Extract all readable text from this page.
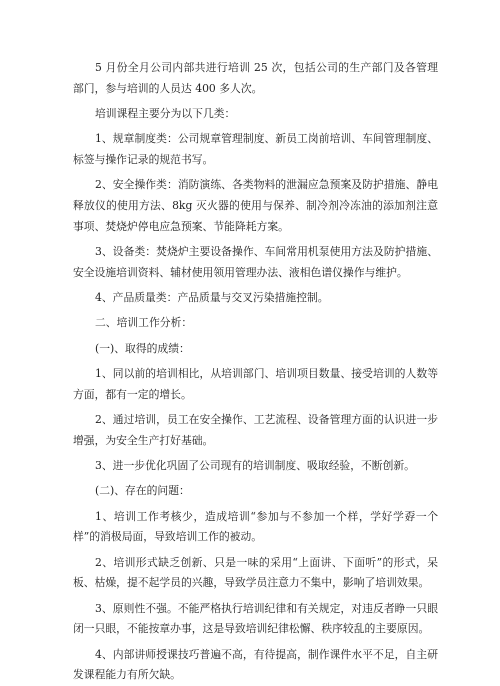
5 月份全月公司内部共进行培训 25 次，包括公司的生产部门及各管理部门，参与培训的人员达 400 多人次。

培训课程主要分为以下几类：

1、规章制度类：公司规章管理制度、新员工岗前培训、车间管理制度、标签与操作记录的规范书写。

2、安全操作类：消防演练、各类物料的泄漏应急预案及防护措施、静电释放仪的使用方法、8kg 灭火器的使用与保养、制冷剂冷冻油的添加剂注意事项、焚烧炉停电应急预案、节能降耗方案。

3、设备类：焚烧炉主要设备操作、车间常用机泵使用方法及防护措施、安全设施培训资料、辅材使用领用管理办法、液相色谱仪操作与维护。

4、产品质量类：产品质量与交叉污染措施控制。

二、培训工作分析：

(一)、取得的成绩：

1、同以前的培训相比，从培训部门、培训项目数量、接受培训的人数等方面，都有一定的增长。

2、通过培训，员工在安全操作、工艺流程、设备管理方面的认识进一步增强，为安全生产打好基础。

3、进一步优化巩固了公司现有的培训制度、吸取经验，不断创新。

(二)、存在的问题：

1、培训工作考核少，造成培训“参加与不参加一个样，学好学孬一个样”的消极局面，导致培训工作的被动。

2、培训形式缺乏创新、只是一味的采用“上面讲、下面听”的形式，呆板、枯燥，提不起学员的兴趣，导致学员注意力不集中，影响了培训效果。

3、原则性不强。不能严格执行培训纪律和有关规定，对违反者睁一只眼闭一只眼，不能按章办事，这是导致培训纪律松懈、秩序较乱的主要原因。

4、内部讲师授课技巧普遍不高，有待提高，制作课件水平不足，自主研发课程能力有所欠缺。
